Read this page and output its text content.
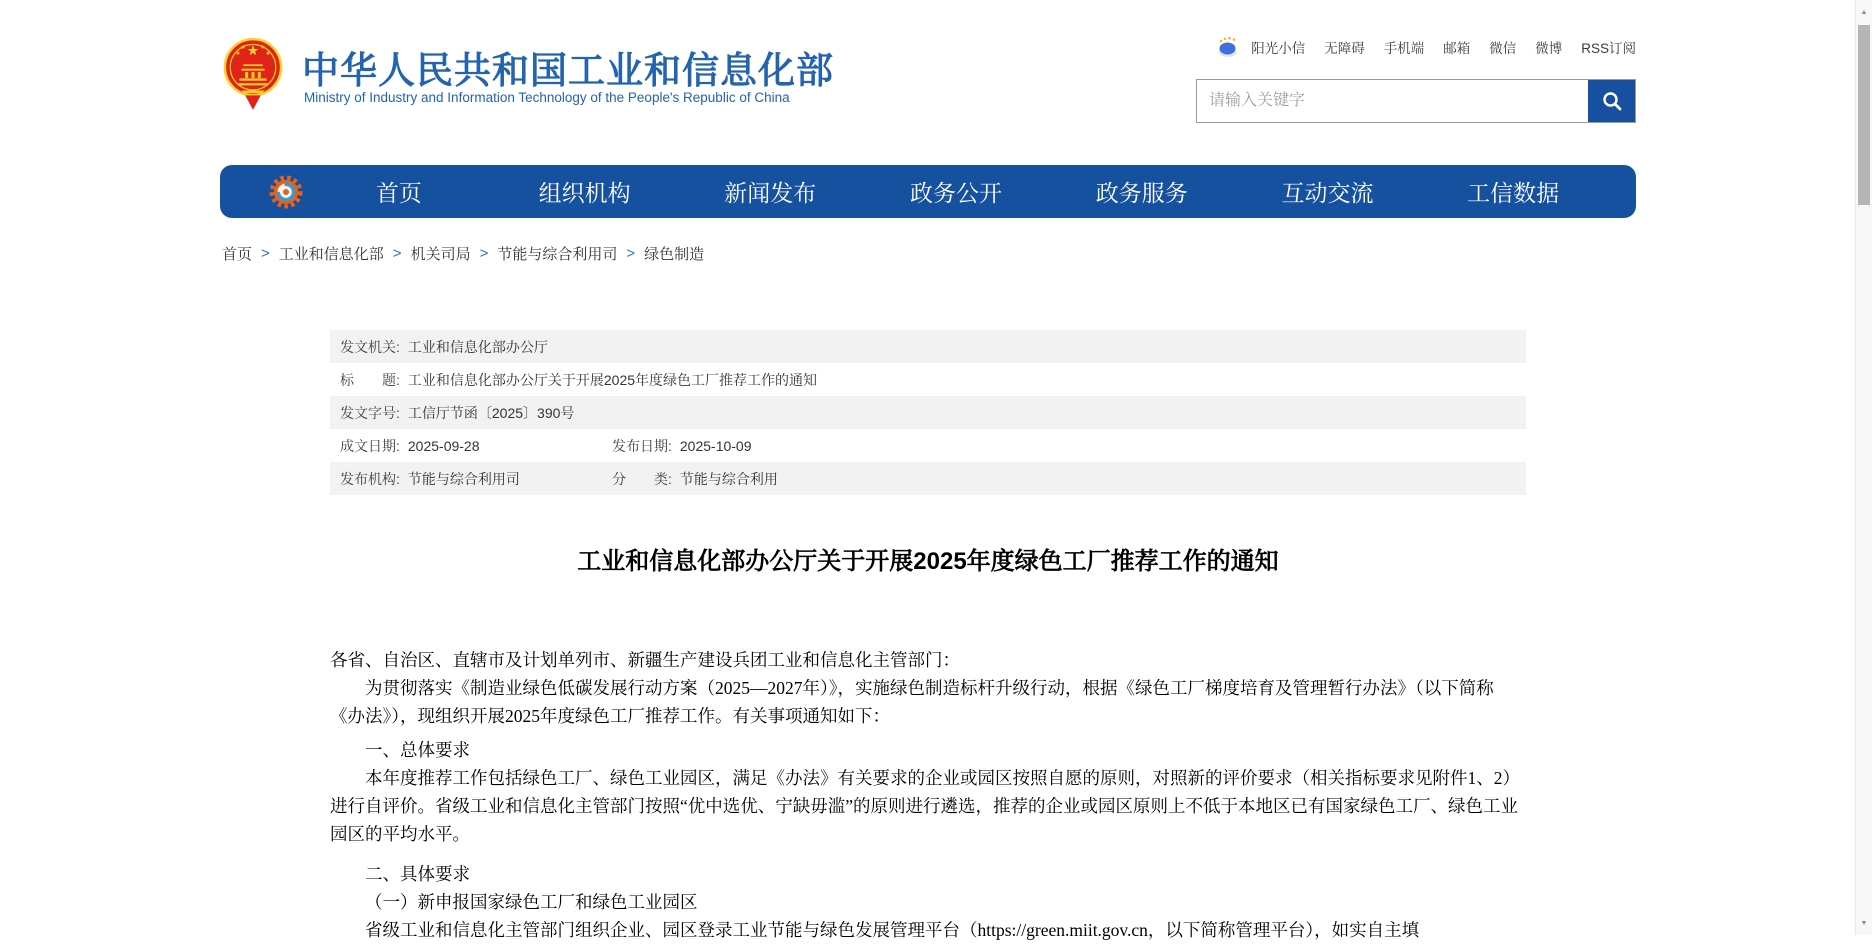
中华人民共和国工业和信息化部
Ministry of Industry and Information Technology of the People's Republic of China
阳光小信 无障碍 手机端 邮箱 微信 微博 RSS订阅
请输入关键字
首页	组织机构	新闻发布	政务公开	政务服务	互动交流	工信数据
首页 > 工业和信息化部 > 机关司局 > 节能与综合利用司 > 绿色制造
发文机关: 工业和信息化部办公厅
标　　题: 工业和信息化部办公厅关于开展2025年度绿色工厂推荐工作的通知
发文字号: 工信厅节函〔2025〕390号
成文日期: 2025-09-28	发布日期: 2025-10-09
发布机构: 节能与综合利用司	分　　类: 节能与综合利用
工业和信息化部办公厅关于开展2025年度绿色工厂推荐工作的通知

各省、自治区、直辖市及计划单列市、新疆生产建设兵团工业和信息化主管部门：

为贯彻落实《制造业绿色低碳发展行动方案（2025—2027年）》，实施绿色制造标杆升级行动，根据《绿色工厂梯度培育及管理暂行办法》（以下简称《办法》），现组织开展2025年度绿色工厂推荐工作。有关事项通知如下：

一、总体要求

本年度推荐工作包括绿色工厂、绿色工业园区，满足《办法》有关要求的企业或园区按照自愿的原则，对照新的评价要求（相关指标要求见附件1、2）进行自评价。省级工业和信息化主管部门按照“优中选优、宁缺毋滥”的原则进行遴选，推荐的企业或园区原则上不低于本地区已有国家绿色工厂、绿色工业园区的平均水平。

二、具体要求

（一）新申报国家绿色工厂和绿色工业园区

省级工业和信息化主管部门组织企业、园区登录工业节能与绿色发展管理平台（https://green.miit.gov.cn，以下简称管理平台），如实自主填

▲
▼
